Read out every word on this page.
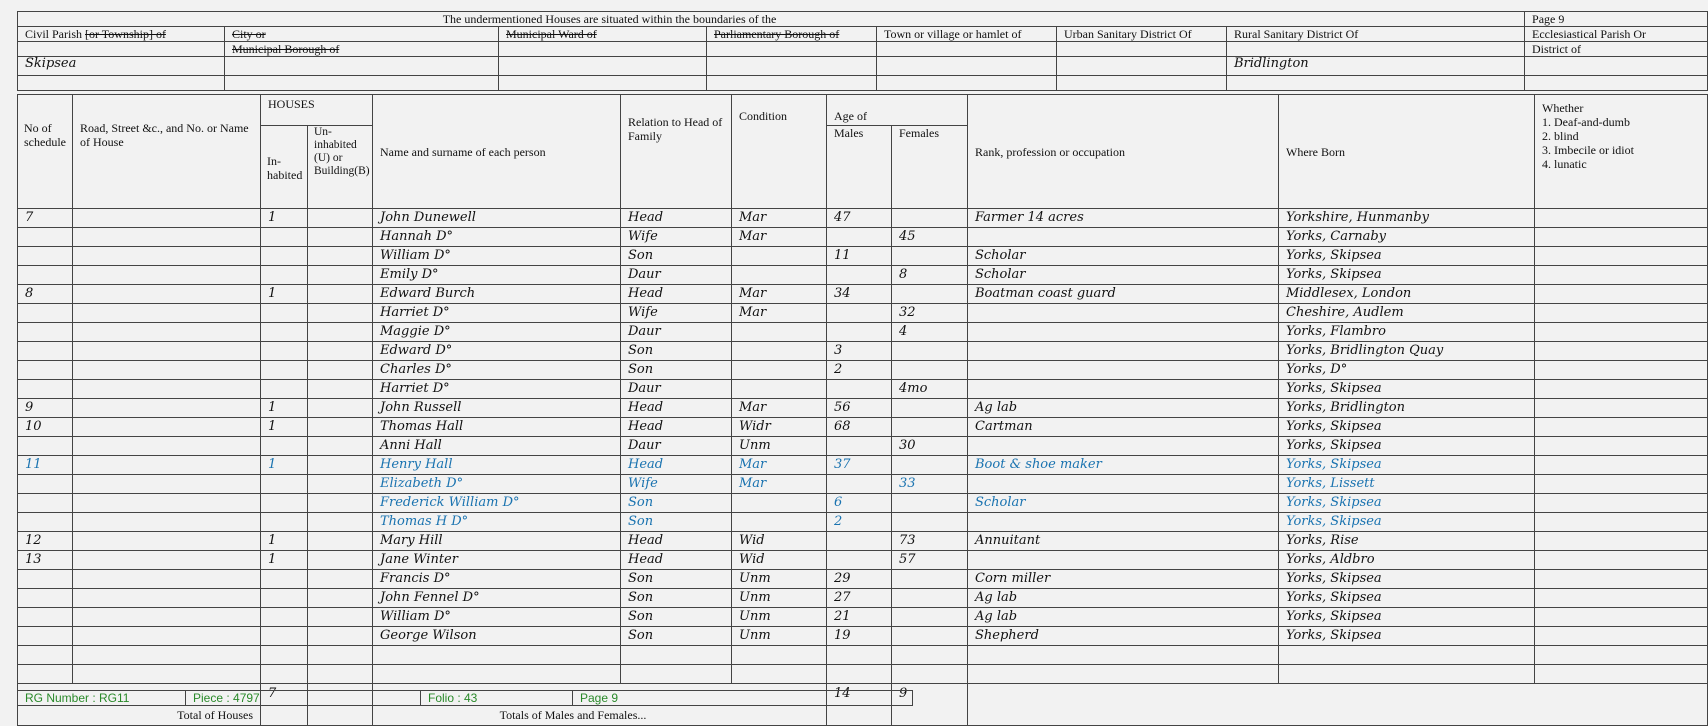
The undermentioned Houses are situated within the boundaries of the							Page 9
Civil Parish [or Township] of	City or	Municipal Ward of	Parliamentary Borough of	Town or village or hamlet of	Urban Sanitary District Of	Rural Sanitary District Of	Ecclesiastical Parish Or
	Municipal Borough of						District of
Skipsea						Bridlington	

No of schedule	Road, Street &c., and No. or Name of House	HOUSES		Name and surname of each person	Relation to Head of Family	Condition	Age of		Rank, profession or occupation	Where Born	Whether
1. Deaf-and-dumb
2. blind
3. Imbecile or idiot
4. lunatic

		In-habited	Un-inhabited (U) or Building(B)				Males	Females			
7		1		John Dunewell	Head	Mar	47		Farmer 14 acres	Yorkshire, Hunmanby	
				Hannah D°	Wife	Mar		45		Yorks, Carnaby	
				William D°	Son		11		Scholar	Yorks, Skipsea	
				Emily D°	Daur			8	Scholar	Yorks, Skipsea	
8		1		Edward Burch	Head	Mar	34		Boatman coast guard	Middlesex, London	
				Harriet D°	Wife	Mar		32		Cheshire, Audlem	
				Maggie D°	Daur			4		Yorks, Flambro	
				Edward D°	Son		3			Yorks, Bridlington Quay	
				Charles D°	Son		2			Yorks, D°	
				Harriet D°	Daur			4mo		Yorks, Skipsea	
9		1		John Russell	Head	Mar	56		Ag lab	Yorks, Bridlington	
10		1		Thomas Hall	Head	Widr	68		Cartman	Yorks, Skipsea	
				Anni Hall	Daur	Unm		30		Yorks, Skipsea	
11		1		Henry Hall	Head	Mar	37		Boot & shoe maker	Yorks, Skipsea	
				Elizabeth D°	Wife	Mar		33		Yorks, Lissett	
				Frederick William D°	Son		6		Scholar	Yorks, Skipsea	
				Thomas H D°	Son		2			Yorks, Skipsea	
12		1		Mary Hill	Head	Wid		73	Annuitant	Yorks, Rise	
13		1		Jane Winter	Head	Wid		57		Yorks, Aldbro	
				Francis D°	Son	Unm	29		Corn miller	Yorks, Skipsea	
				John Fennel D°	Son	Unm	27		Ag lab	Yorks, Skipsea	
				William D°	Son	Unm	21		Ag lab	Yorks, Skipsea	
				George Wilson	Son	Unm	19		Shepherd	Yorks, Skipsea	

Total of Houses		7		Totals of Males and Females...			14	9			
RG Number : RG11	Piece : 4797	Folio : 43	Page 9
